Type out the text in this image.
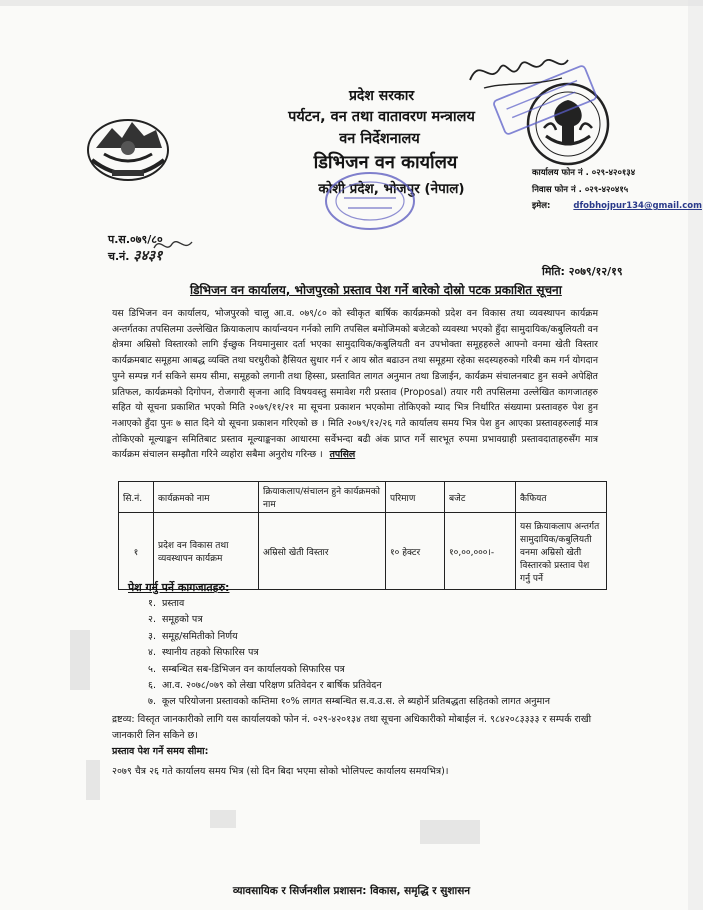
प्रदेश सरकार
पर्यटन, वन तथा वातावरण मन्त्रालय
वन निर्देशनालय
डिभिजन वन कार्यालय
कोशी प्रदेश, भोजपुर (नेपाल)
कार्यालय फोन नं . ०२९-४२०१३४
निवास फोन नं . ०२९-४२०४१५
इमेल:	dfobhojpur134@gmail.com
प.स.०७९/८०
च.नं. ३४३१
मिति: २०७९/१२/१९
डिभिजन वन कार्यालय, भोजपुरको प्रस्ताव पेश गर्ने बारेको दोस्रो पटक प्रकाशित सूचना
यस डिभिजन वन कार्यालय, भोजपुरको चालु आ.व. ०७९/८० को स्वीकृत बार्षिक कार्यक्रमको प्रदेश वन विकास तथा व्यवस्थापन कार्यक्रम अन्तर्गतका तपसिलमा उल्लेखित क्रियाकलाप कार्यान्वयन गर्नको लागि तपसिल बमोजिमको बजेटको व्यवस्था भएको हुँदा सामुदायिक/कबुलियती वन क्षेत्रमा अम्रिसो विस्तारको लागि ईच्छुक नियमानुसार दर्ता भएका सामुदायिक/कबुलियती वन उपभोक्ता समूहहरुले आफ्नो वनमा खेती विस्तार कार्यक्रमबाट समूहमा आबद्ध व्यक्ति तथा घरधुरीको हैसियत सुधार गर्न र आय स्रोत बढाउन तथा समूहमा रहेका सदस्यहरुको गरिबी कम गर्न योगदान पुग्ने सम्पन्न गर्न सकिने समय सीमा, समूहको लगानी तथा हिस्सा, प्रस्तावित लागत अनुमान तथा डिजाईन, कार्यक्रम संचालनबाट हुन सक्ने अपेक्षित प्रतिफल, कार्यक्रमको दिगोपन, रोजगारी सृजना आदि विषयवस्तु समावेश गरी प्रस्ताव (Proposal) तयार गरी तपसिलमा उल्लेखित कागजातहरु सहित यो सूचना प्रकाशित भएको मिति २०७९/११/२१ मा सूचना प्रकाशन भएकोमा तोकिएको म्याद भित्र निर्धारित संख्यामा प्रस्तावहरु पेश हुन नआएको हुँदा पुनः ७ सात दिने यो सूचना प्रकाशन गरिएको छ । मिति २०७९/१२/२६ गते कार्यालय समय भित्र पेश हुन आएका प्रस्तावहरुलाई मात्र तोकिएको मूल्याङ्कन समितिबाट प्रस्ताव मूल्याङ्कनका आधारमा सर्वेभन्दा बढी अंक प्राप्त गर्ने सारभूत रुपमा प्रभावग्राही प्रस्तावदाताहरुसँग मात्र कार्यक्रम संचालन सम्झौता गरिने व्यहोरा सबैमा अनुरोध गरिन्छ । तपसिल
सि.नं.	कार्यक्रमको नाम	क्रियाकलाप/संचालन हुने कार्यक्रमको नाम	परिमाण	बजेट	कैफियत
१	प्रदेश वन विकास तथा व्यवस्थापन कार्यक्रम	अम्रिसो खेती विस्तार	१० हेक्टर	१०,००,०००।-	यस क्रियाकलाप अन्तर्गत सामुदायिक/कबुलियती वनमा अम्रिसो खेती विस्तारको प्रस्ताव पेश गर्नु पर्ने
पेश गर्नु पर्ने कागजातहरु:
१. प्रस्ताव
२. समूहको पत्र
३. समूह/समितीको निर्णय
४. स्थानीय तहको सिफारिस पत्र
५. सम्बन्धित सब-डिभिजन वन कार्यालयको सिफारिस पत्र
६. आ.व. २०७८/०७९ को लेखा परिक्षण प्रतिवेदन र बार्षिक प्रतिवेदन
७. कूल परियोजना प्रस्तावको कम्तिमा १०% लागत सम्बन्धित स.व.उ.स. ले ब्यहोर्ने प्रतिबद्धता सहितको लागत अनुमान
द्रष्टव्य: विस्तृत जानकारीको लागि यस कार्यालयको फोन नं. ०२९-४२०१३४ तथा सूचना अधिकारीको मोबाईल नं. ९८४२०८३३३३ र सम्पर्क राखी जानकारी लिन सकिने छ।
प्रस्ताव पेश गर्ने समय सीमा:
२०७९ चैत्र २६ गते कार्यालय समय भित्र (सो दिन बिदा भएमा सोको भोलिपल्ट कार्यालय समयभित्र)।
व्यावसायिक र सिर्जनशील प्रशासन: विकास, समृद्धि र सुशासन
